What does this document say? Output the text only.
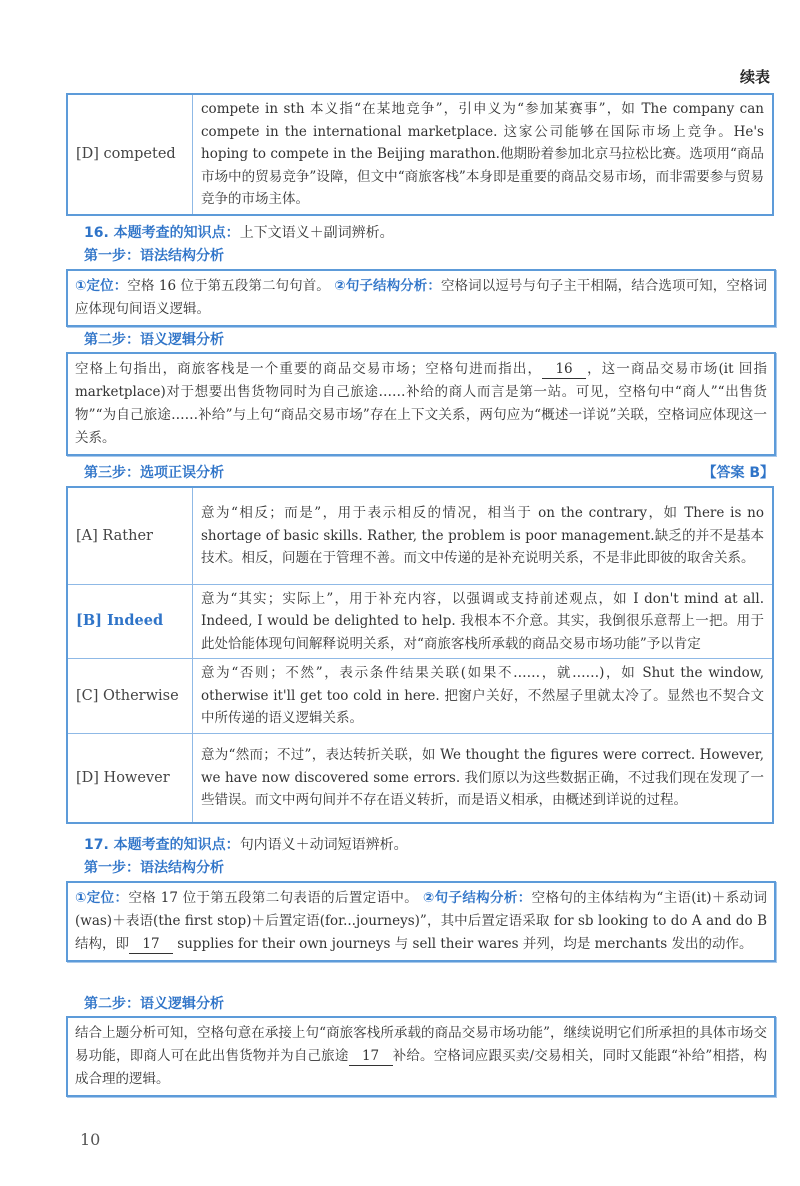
续表
[D] competed	compete in sth 本义指“在某地竞争”，引申义为“参加某赛事”，如 The company can compete in the international marketplace. 这家公司能够在国际市场上竞争。He's hoping to compete in the Beijing marathon.他期盼着参加北京马拉松比赛。选项用“商品市场中的贸易竞争”设障，但文中“商旅客栈”本身即是重要的商品交易市场，而非需要参与贸易竞争的市场主体。
16. 本题考查的知识点：上下文语义＋副词辨析。
第一步：语法结构分析
①定位：空格 16 位于第五段第二句句首。 ②句子结构分析：空格词以逗号与句子主干相隔，结合选项可知，空格词应体现句间语义逻辑。
第二步：语义逻辑分析
空格上句指出，商旅客栈是一个重要的商品交易市场；空格句进而指出， 16 ，这一商品交易市场(it 回指 marketplace)对于想要出售货物同时为自己旅途……补给的商人而言是第一站。可见，空格句中“商人”“出售货物”“为自己旅途……补给”与上句“商品交易市场”存在上下文关系，两句应为“概述一详说”关联，空格词应体现这一关系。
第三步：选项正误分析	【答案 B】
[A] Rather	意为“相反；而是”，用于表示相反的情况，相当于 on the contrary，如 There is no shortage of basic skills. Rather, the problem is poor management.缺乏的并不是基本技术。相反，问题在于管理不善。而文中传递的是补充说明关系，不是非此即彼的取舍关系。
[B] Indeed	意为“其实；实际上”，用于补充内容，以强调或支持前述观点，如 I don't mind at all. Indeed, I would be delighted to help. 我根本不介意。其实，我倒很乐意帮上一把。用于此处恰能体现句间解释说明关系，对“商旅客栈所承载的商品交易市场功能”予以肯定
[C] Otherwise	意为“否则；不然”，表示条件结果关联(如果不……，就……)，如 Shut the window, otherwise it'll get too cold in here. 把窗户关好，不然屋子里就太冷了。显然也不契合文中所传递的语义逻辑关系。
[D] However	意为“然而；不过”，表达转折关联，如 We thought the figures were correct. However, we have now discovered some errors. 我们原以为这些数据正确，不过我们现在发现了一些错误。而文中两句间并不存在语义转折，而是语义相承，由概述到详说的过程。
17. 本题考查的知识点：句内语义＋动词短语辨析。
第一步：语法结构分析
①定位：空格 17 位于第五段第二句表语的后置定语中。 ②句子结构分析：空格句的主体结构为“主语(it)＋系动词(was)＋表语(the first stop)＋后置定语(for...journeys)”，其中后置定语采取 for sb looking to do A and do B 结构，即 17 supplies for their own journeys 与 sell their wares 并列，均是 merchants 发出的动作。
第二步：语义逻辑分析
结合上题分析可知，空格句意在承接上句“商旅客栈所承载的商品交易市场功能”，继续说明它们所承担的具体市场交易功能，即商人可在此出售货物并为自己旅途 17 补给。空格词应跟买卖/交易相关，同时又能跟“补给”相搭，构成合理的逻辑。
10
